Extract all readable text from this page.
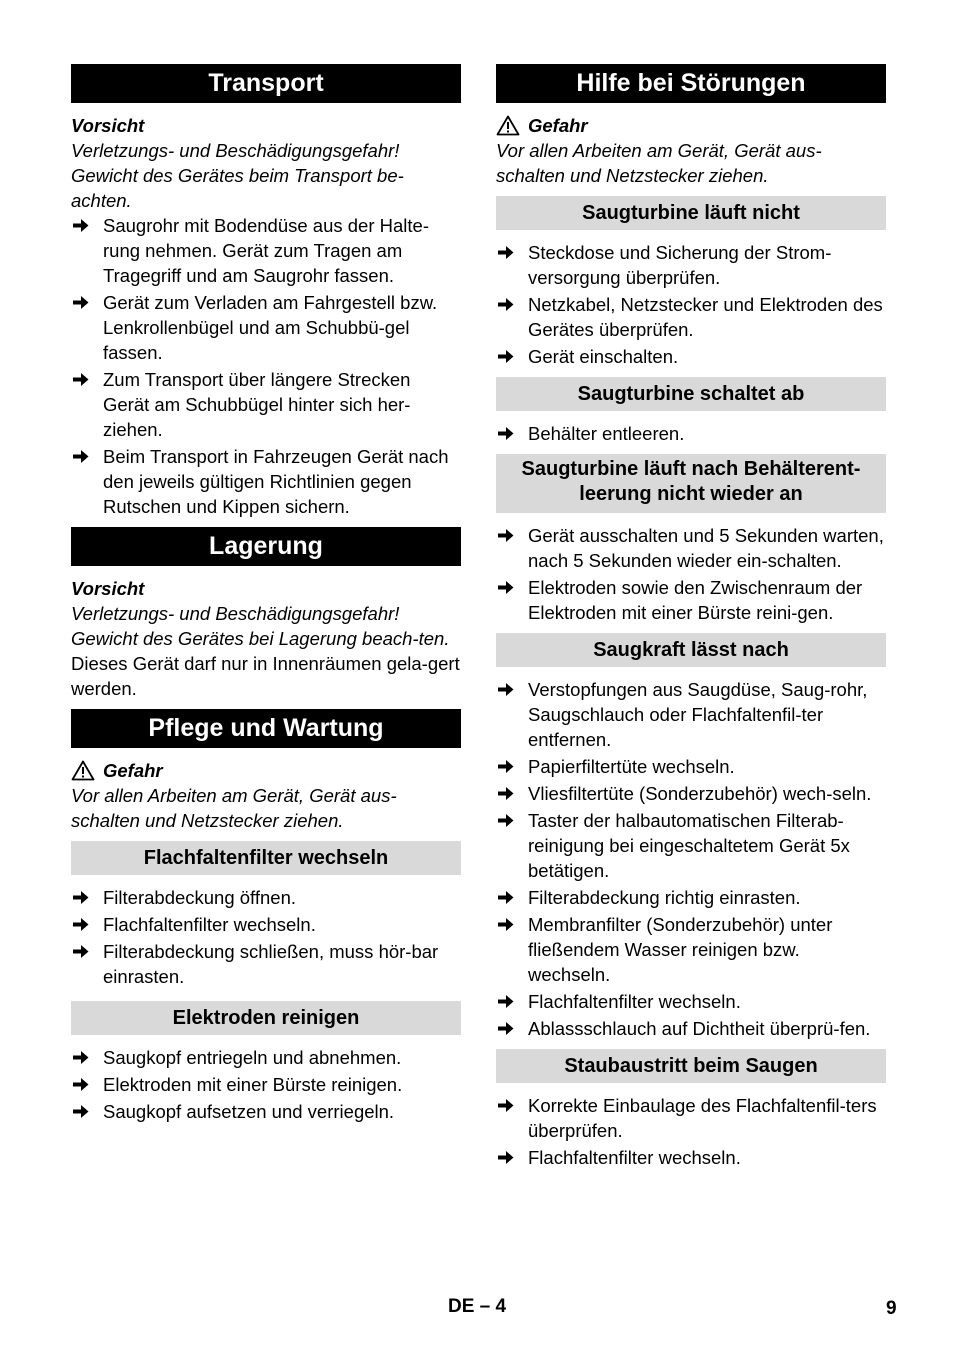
Transport
Vorsicht
Verletzungs- und Beschädigungsgefahr! Gewicht des Gerätes beim Transport be-achten.
Saugrohr mit Bodendüse aus der Halte-rung nehmen. Gerät zum Tragen am Tragegriff und am Saugrohr fassen.
Gerät zum Verladen am Fahrgestell bzw. Lenkrollenbügel und am Schubbü-gel fassen.
Zum Transport über längere Strecken Gerät am Schubbügel hinter sich her-ziehen.
Beim Transport in Fahrzeugen Gerät nach den jeweils gültigen Richtlinien gegen Rutschen und Kippen sichern.
Lagerung
Vorsicht
Verletzungs- und Beschädigungsgefahr! Gewicht des Gerätes bei Lagerung beach-ten.
Dieses Gerät darf nur in Innenräumen gela-gert werden.
Pflege und Wartung
Gefahr
Vor allen Arbeiten am Gerät, Gerät aus-schalten und Netzstecker ziehen.
Flachfaltenfilter wechseln
Filterabdeckung öffnen.
Flachfaltenfilter wechseln.
Filterabdeckung schließen, muss hör-bar einrasten.
Elektroden reinigen
Saugkopf entriegeln und abnehmen.
Elektroden mit einer Bürste reinigen.
Saugkopf aufsetzen und verriegeln.
Hilfe bei Störungen
Gefahr
Vor allen Arbeiten am Gerät, Gerät aus-schalten und Netzstecker ziehen.
Saugturbine läuft nicht
Steckdose und Sicherung der Strom-versorgung überprüfen.
Netzkabel, Netzstecker und Elektroden des Gerätes überprüfen.
Gerät einschalten.
Saugturbine schaltet ab
Behälter entleeren.
Saugturbine läuft nach Behälterent-leerung nicht wieder an
Gerät ausschalten und 5 Sekunden warten, nach 5 Sekunden wieder ein-schalten.
Elektroden sowie den Zwischenraum der Elektroden mit einer Bürste reini-gen.
Saugkraft lässt nach
Verstopfungen aus Saugdüse, Saug-rohr, Saugschlauch oder Flachfaltenfil-ter entfernen.
Papierfiltertüte wechseln.
Vliesfiltertüte (Sonderzubehör) wech-seln.
Taster der halbautomatischen Filterab-reinigung bei eingeschaltetem Gerät 5x betätigen.
Filterabdeckung richtig einrasten.
Membranfilter (Sonderzubehör) unter fließendem Wasser reinigen bzw. wechseln.
Flachfaltenfilter wechseln.
Ablassschlauch auf Dichtheit überprü-fen.
Staubaustritt beim Saugen
Korrekte Einbaulage des Flachfaltenfil-ters überprüfen.
Flachfaltenfilter wechseln.
DE – 4	9
